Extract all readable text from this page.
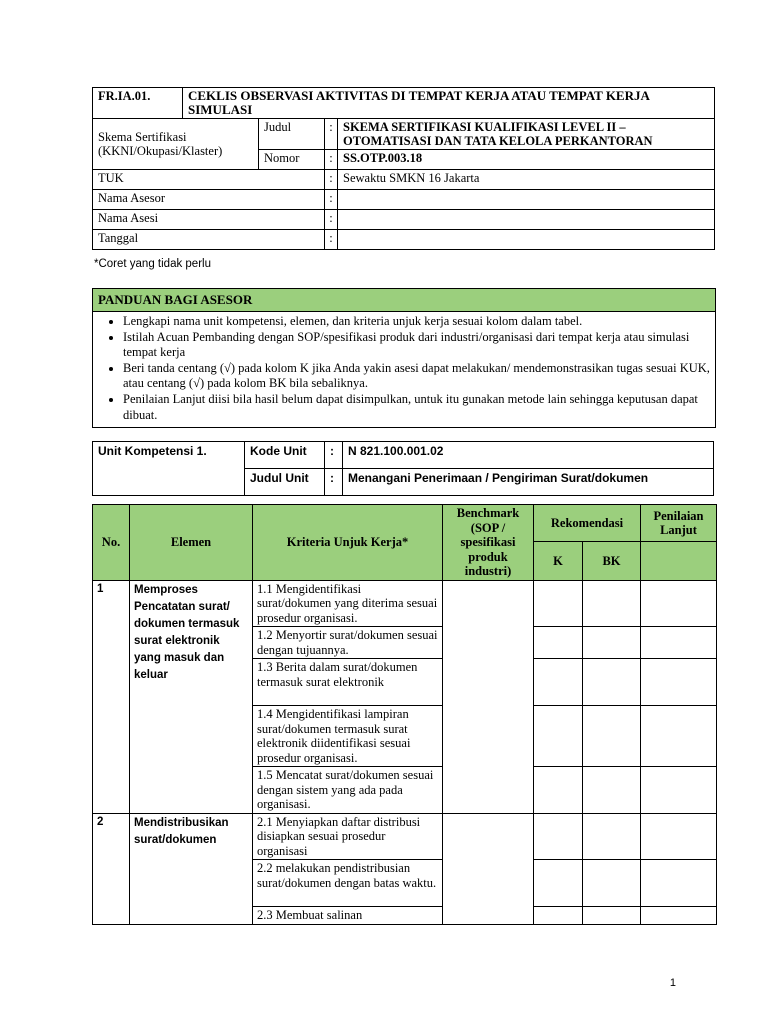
FR.IA.01.	CEKLIS OBSERVASI AKTIVITAS DI TEMPAT KERJA ATAU TEMPAT KERJA SIMULASI			
Skema Sertifikasi (KKNI/Okupasi/Klaster)		Judul	:	SKEMA SERTIFIKASI KUALIFIKASI LEVEL II – OTOMATISASI DAN TATA KELOLA PERKANTORAN
		Nomor	:	SS.OTP.003.18
TUK			:	Sewaktu SMKN 16 Jakarta
Nama Asesor			:	
Nama Asesi			:	
Tanggal			:	
*Coret yang tidak perlu
PANDUAN BAGI ASESOR
• Lengkapi nama unit kompetensi, elemen, dan kriteria unjuk kerja sesuai kolom dalam tabel.
• Istilah Acuan Pembanding dengan SOP/spesifikasi produk dari industri/organisasi dari tempat kerja atau simulasi tempat kerja
• Beri tanda centang (√) pada kolom K jika Anda yakin asesi dapat melakukan/ mendemonstrasikan tugas sesuai KUK, atau centang (√) pada kolom BK bila sebaliknya.
• Penilaian Lanjut diisi bila hasil belum dapat disimpulkan, untuk itu gunakan metode lain sehingga keputusan dapat dibuat.
Unit Kompetensi 1.	Kode Unit	:	N 821.100.001.02
	Judul Unit	:	Menangani Penerimaan / Pengiriman Surat/dokumen
No.	Elemen	Kriteria Unjuk Kerja*	Benchmark (SOP / spesifikasi produk industri)	Rekomendasi		Penilaian Lanjut
				K	BK	
1	Memproses Pencatatan surat/ dokumen termasuk surat elektronik yang masuk dan keluar	1.1 Mengidentifikasi surat/dokumen yang diterima sesuai prosedur organisasi.				
		1.2 Menyortir surat/dokumen sesuai dengan tujuannya.				
		1.3 Berita dalam surat/dokumen termasuk surat elektronik				
		1.4 Mengidentifikasi lampiran surat/dokumen termasuk surat elektronik diidentifikasi sesuai prosedur organisasi.				
		1.5 Mencatat surat/dokumen sesuai dengan sistem yang ada pada organisasi.				
2	Mendistribusikan surat/dokumen	2.1 Menyiapkan daftar distribusi disiapkan sesuai prosedur organisasi				
		2.2 melakukan pendistribusian surat/dokumen dengan batas waktu.				
		2.3 Membuat salinan				
1
